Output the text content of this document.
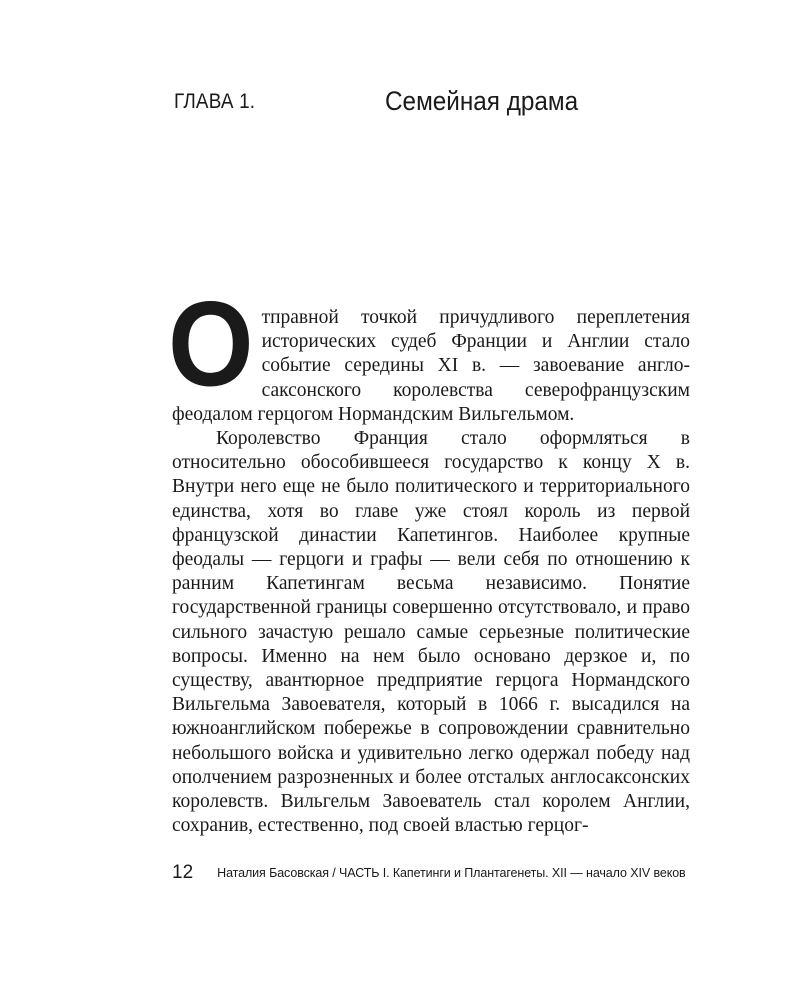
ГЛАВА 1.	Семейная драма

Отправной точкой причудливого переплетения исторических судеб Франции и Англии стало событие середины XI в. — завоевание англо-саксонского королевства северофранцузским феодалом герцогом Нормандским Вильгельмом.

Королевство Франция стало оформляться в относительно обособившееся государство к концу X в. Внутри него еще не было политического и территориального единства, хотя во главе уже стоял король из первой французской династии Капетингов. Наиболее крупные феодалы — герцоги и графы — вели себя по отношению к ранним Капетингам весьма независимо. Понятие государственной границы совершенно отсутствовало, и право сильного зачастую решало самые серьезные политические вопросы. Именно на нем было основано дерзкое и, по существу, авантюрное предприятие герцога Нормандского Вильгельма Завоевателя, который в 1066 г. высадился на южноанглийском побережье в сопровождении сравнительно небольшого войска и удивительно легко одержал победу над ополчением разрозненных и более отсталых англосаксонских королевств. Вильгельм Завоеватель стал королем Англии, сохранив, естественно, под своей властью герцог-

12 Наталия Басовская / ЧАСТЬ I. Капетинги и Плантагенеты. XII — начало XIV веков
